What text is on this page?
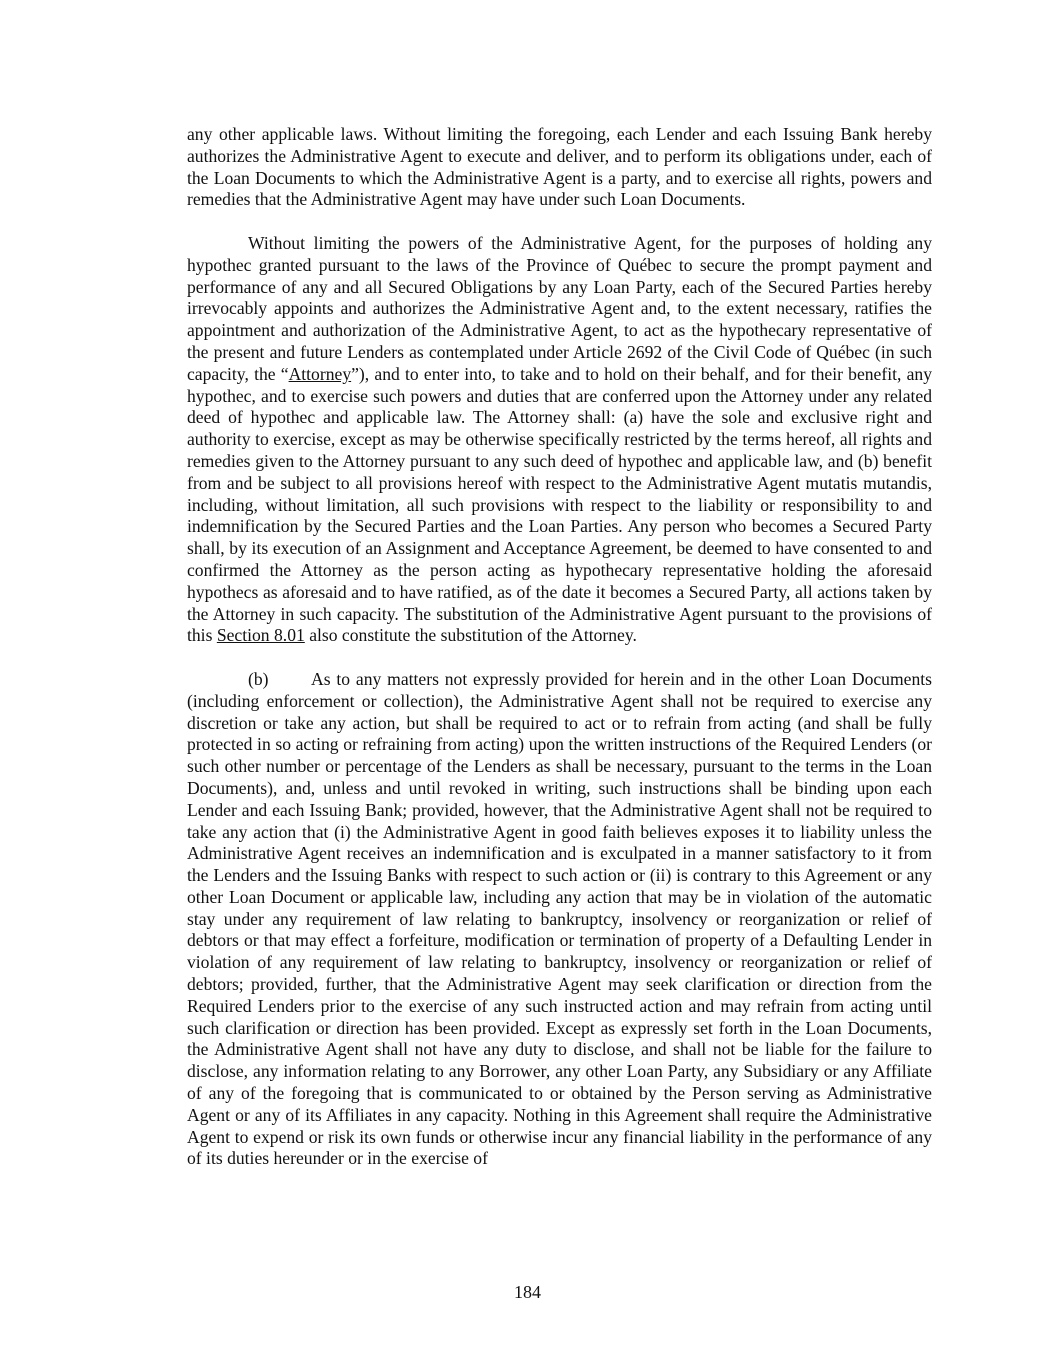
any other applicable laws. Without limiting the foregoing, each Lender and each Issuing Bank hereby authorizes the Administrative Agent to execute and deliver, and to perform its obligations under, each of the Loan Documents to which the Administrative Agent is a party, and to exercise all rights, powers and remedies that the Administrative Agent may have under such Loan Documents.

Without limiting the powers of the Administrative Agent, for the purposes of holding any hypothec granted pursuant to the laws of the Province of Québec to secure the prompt payment and performance of any and all Secured Obligations by any Loan Party, each of the Secured Parties hereby irrevocably appoints and authorizes the Administrative Agent and, to the extent necessary, ratifies the appointment and authorization of the Administrative Agent, to act as the hypothecary representative of the present and future Lenders as contemplated under Article 2692 of the Civil Code of Québec (in such capacity, the “Attorney”), and to enter into, to take and to hold on their behalf, and for their benefit, any hypothec, and to exercise such powers and duties that are conferred upon the Attorney under any related deed of hypothec and applicable law. The Attorney shall: (a) have the sole and exclusive right and authority to exercise, except as may be otherwise specifically restricted by the terms hereof, all rights and remedies given to the Attorney pursuant to any such deed of hypothec and applicable law, and (b) benefit from and be subject to all provisions hereof with respect to the Administrative Agent mutatis mutandis, including, without limitation, all such provisions with respect to the liability or responsibility to and indemnification by the Secured Parties and the Loan Parties. Any person who becomes a Secured Party shall, by its execution of an Assignment and Acceptance Agreement, be deemed to have consented to and confirmed the Attorney as the person acting as hypothecary representative holding the aforesaid hypothecs as aforesaid and to have ratified, as of the date it becomes a Secured Party, all actions taken by the Attorney in such capacity. The substitution of the Administrative Agent pursuant to the provisions of this Section 8.01 also constitute the substitution of the Attorney.

(b) As to any matters not expressly provided for herein and in the other Loan Documents (including enforcement or collection), the Administrative Agent shall not be required to exercise any discretion or take any action, but shall be required to act or to refrain from acting (and shall be fully protected in so acting or refraining from acting) upon the written instructions of the Required Lenders (or such other number or percentage of the Lenders as shall be necessary, pursuant to the terms in the Loan Documents), and, unless and until revoked in writing, such instructions shall be binding upon each Lender and each Issuing Bank; provided, however, that the Administrative Agent shall not be required to take any action that (i) the Administrative Agent in good faith believes exposes it to liability unless the Administrative Agent receives an indemnification and is exculpated in a manner satisfactory to it from the Lenders and the Issuing Banks with respect to such action or (ii) is contrary to this Agreement or any other Loan Document or applicable law, including any action that may be in violation of the automatic stay under any requirement of law relating to bankruptcy, insolvency or reorganization or relief of debtors or that may effect a forfeiture, modification or termination of property of a Defaulting Lender in violation of any requirement of law relating to bankruptcy, insolvency or reorganization or relief of debtors; provided, further, that the Administrative Agent may seek clarification or direction from the Required Lenders prior to the exercise of any such instructed action and may refrain from acting until such clarification or direction has been provided. Except as expressly set forth in the Loan Documents, the Administrative Agent shall not have any duty to disclose, and shall not be liable for the failure to disclose, any information relating to any Borrower, any other Loan Party, any Subsidiary or any Affiliate of any of the foregoing that is communicated to or obtained by the Person serving as Administrative Agent or any of its Affiliates in any capacity. Nothing in this Agreement shall require the Administrative Agent to expend or risk its own funds or otherwise incur any financial liability in the performance of any of its duties hereunder or in the exercise of

184
